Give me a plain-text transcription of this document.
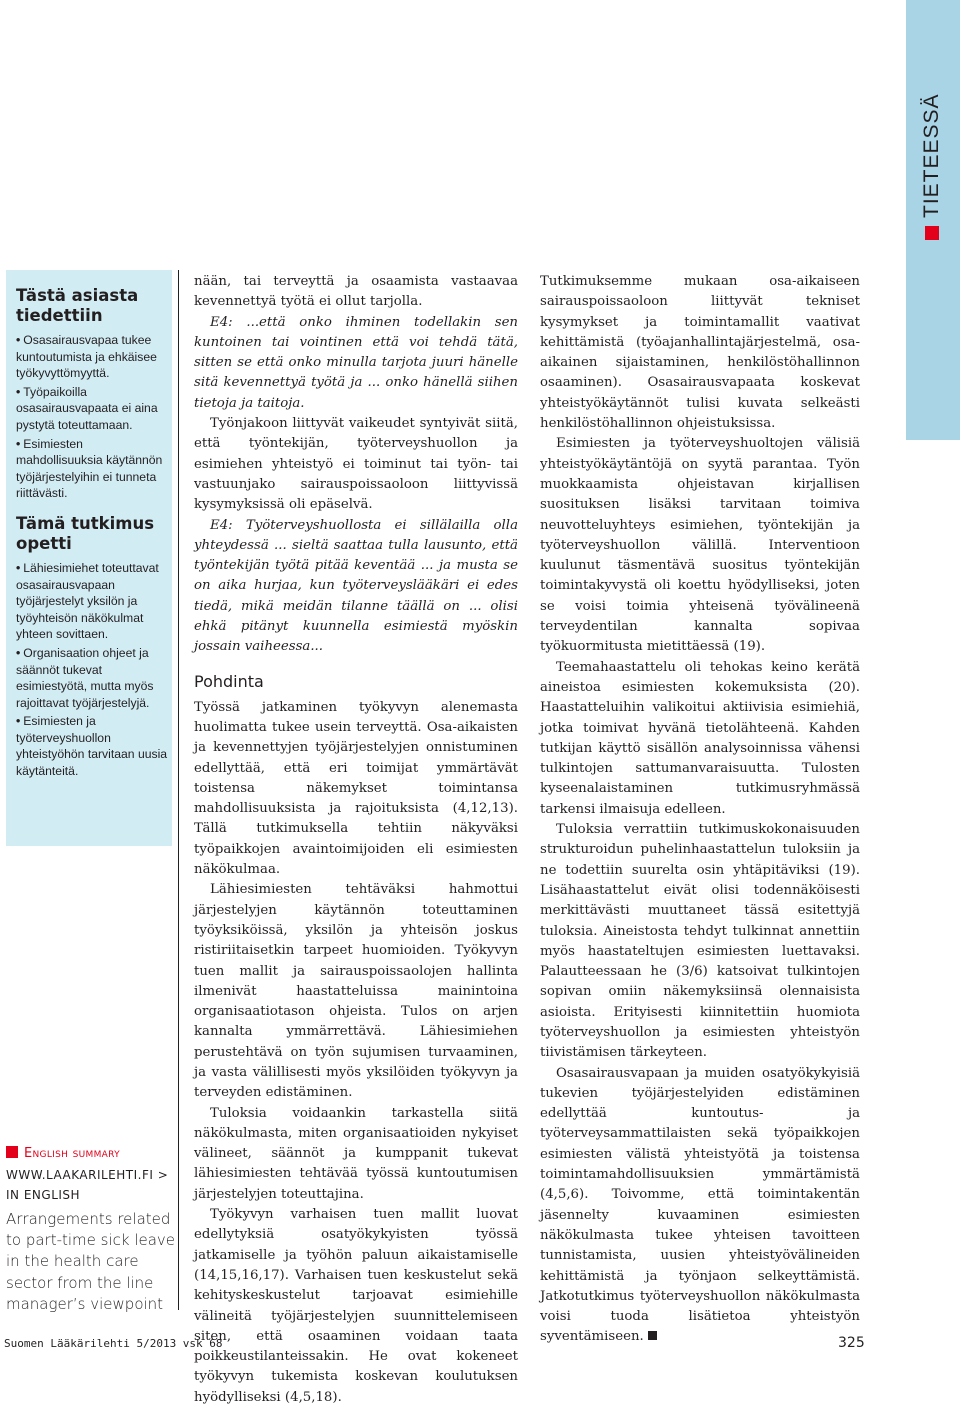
TIETEESSÄ
Tästä asiasta tiedettiin
• Osasairausvapaa tukee kuntoutumista ja ehkäisee työkyvyttömyyttä.
• Työpaikoilla osasairausvapaata ei aina pystytä toteuttamaan.
• Esimiesten mahdollisuuksia käytännön työjärjestelyihin ei tunneta riittävästi.
Tämä tutkimus opetti
• Lähiesimiehet toteuttavat osasairausvapaan työjärjestelyt yksilön ja työyhteisön näkökulmat yhteen sovittaen.
• Organisaation ohjeet ja säännöt tukevat esimiestyötä, mutta myös rajoittavat työjärjestelyjä.
• Esimiesten ja työterveyshuollon yhteistyöhön tarvitaan uusia käytänteitä.
English summary
WWW.LAAKARILEHTI.FI >
IN ENGLISH
Arrangements related to part-time sick leave in the health care sector from the line manager’s viewpoint

nään, tai terveyttä ja osaamista vastaavaa kevennettyä työtä ei ollut tarjolla.

E4: ...että onko ihminen todellakin sen kuntoinen tai vointinen että voi tehdä tätä, sitten se että onko minulla tarjota juuri hänelle sitä kevennettyä työtä ja ... onko hänellä siihen tietoja ja taitoja.

Työnjakoon liittyvät vaikeudet syntyivät siitä, että työntekijän, työterveyshuollon ja esimiehen yhteistyö ei toiminut tai työn- tai vastuunjako sairauspoissaoloon liittyvissä kysymyksissä oli epäselvä.

E4: Työterveyshuollosta ei sillälailla olla yhteydessä ... sieltä saattaa tulla lausunto, että työntekijän työtä pitää keventää ... ja musta se on aika hurjaa, kun työterveyslääkäri ei edes tiedä, mikä meidän tilanne täällä on ... olisi ehkä pitänyt kuunnella esimiestä myöskin jossain vaiheessa...

Pohdinta

Työssä jatkaminen työkyvyn alenemasta huolimatta tukee usein terveyttä. Osa-aikaisten ja kevennettyjen työjärjestelyjen onnistuminen edellyttää, että eri toimijat ymmärtävät toistensa näkemykset toimintansa mahdollisuuksista ja rajoituksista (4,12,13). Tällä tutkimuksella tehtiin näkyväksi työpaikkojen avaintoimijoiden eli esimiesten näkökulmaa.

Lähiesimiesten tehtäväksi hahmottui järjestelyjen käytännön toteuttaminen työyksiköissä, yksilön ja yhteisön joskus ristiriitaisetkin tarpeet huomioiden. Työkyvyn tuen mallit ja sairauspoissaolojen hallinta ilmenivät haastatteluissa mainintoina organisaatiotason ohjeista. Tulos on arjen kannalta ymmärrettävä. Lähiesimiehen perustehtävä on työn sujumisen turvaaminen, ja vasta välillisesti myös yksilöiden työkyvyn ja terveyden edistäminen.

Tuloksia voidaankin tarkastella siitä näkökulmasta, miten organisaatioiden nykyiset välineet, säännöt ja kumppanit tukevat lähiesimiesten tehtävää työssä kuntoutumisen järjestelyjen toteuttajina.

Työkyvyn varhaisen tuen mallit luovat edellytyksiä osatyökykyisten työssä jatkamiselle ja työhön paluun aikaistamiselle (14,15,16,17). Varhaisen tuen keskustelut sekä kehityskeskustelut tarjoavat esimiehille välineitä työjärjestelyjen suunnittelemiseen siten, että osaaminen voidaan taata poikkeustilanteissakin. He ovat kokeneet työkyvyn tukemista koskevan koulutuksen hyödylliseksi (4,5,18).

Tutkimuksemme mukaan osa-aikaiseen sairauspoissaoloon liittyvät tekniset kysymykset ja toimintamallit vaativat kehittämistä (työajanhallintajärjestelmä, osa-aikainen sijaistaminen, henkilöstöhallinnon osaaminen). Osasairausvapaata koskevat yhteistyökäytännöt tulisi kuvata selkeästi henkilöstöhallinnon ohjeistuksissa.

Esimiesten ja työterveyshuoltojen välisiä yhteistyökäytäntöjä on syytä parantaa. Työn muokkaamista ohjeistavan kirjallisen suosituksen lisäksi tarvitaan toimiva neuvotteluyhteys esimiehen, työntekijän ja työterveyshuollon välillä. Interventioon kuulunut täsmentävä suositus työntekijän toimintakyvystä oli koettu hyödylliseksi, joten se voisi toimia yhteisenä työvälineenä terveydentilan kannalta sopivaa työkuormitusta mietittäessä (19).

Teemahaastattelu oli tehokas keino kerätä aineistoa esimiesten kokemuksista (20). Haastatteluihin valikoitui aktiivisia esimiehiä, jotka toimivat hyvänä tietolähteenä. Kahden tutkijan käyttö sisällön analysoinnissa vähensi tulkintojen sattumanvaraisuutta. Tulosten kyseenalaistaminen tutkimusryhmässä tarkensi ilmaisuja edelleen.

Tuloksia verrattiin tutkimuskokonaisuuden strukturoidun puhelinhaastattelun tuloksiin ja ne todettiin suurelta osin yhtäpitäviksi (19). Lisähaastattelut eivät olisi todennäköisesti merkittävästi muuttaneet tässä esitettyjä tuloksia. Aineistosta tehdyt tulkinnat annettiin myös haastateltujen esimiesten luettavaksi. Palautteessaan he (3/6) katsoivat tulkintojen sopivan omiin näkemyksiinsä olennaisista asioista. Erityisesti kiinnitettiin huomiota työterveyshuollon ja esimiesten yhteistyön tiivistämisen tärkeyteen.

Osasairausvapaan ja muiden osatyökykyisiä tukevien työjärjestelyiden edistäminen edellyttää kuntoutus- ja työterveysammattilaisten sekä työpaikkojen esimiesten välistä yhteistyötä ja toistensa toimintamahdollisuuksien ymmärtämistä (4,5,6). Toivomme, että toimintakentän jäsennelty kuvaaminen esimiesten näkökulmasta tukee yhteisen tavoitteen tunnistamista, uusien yhteistyövälineiden kehittämistä ja työnjaon selkeyttämistä. Jatkotutkimus työterveyshuollon näkökulmasta voisi tuoda lisätietoa yhteistyön syventämiseen.

Suomen Lääkärilehti 5/2013 vsk 68	325
